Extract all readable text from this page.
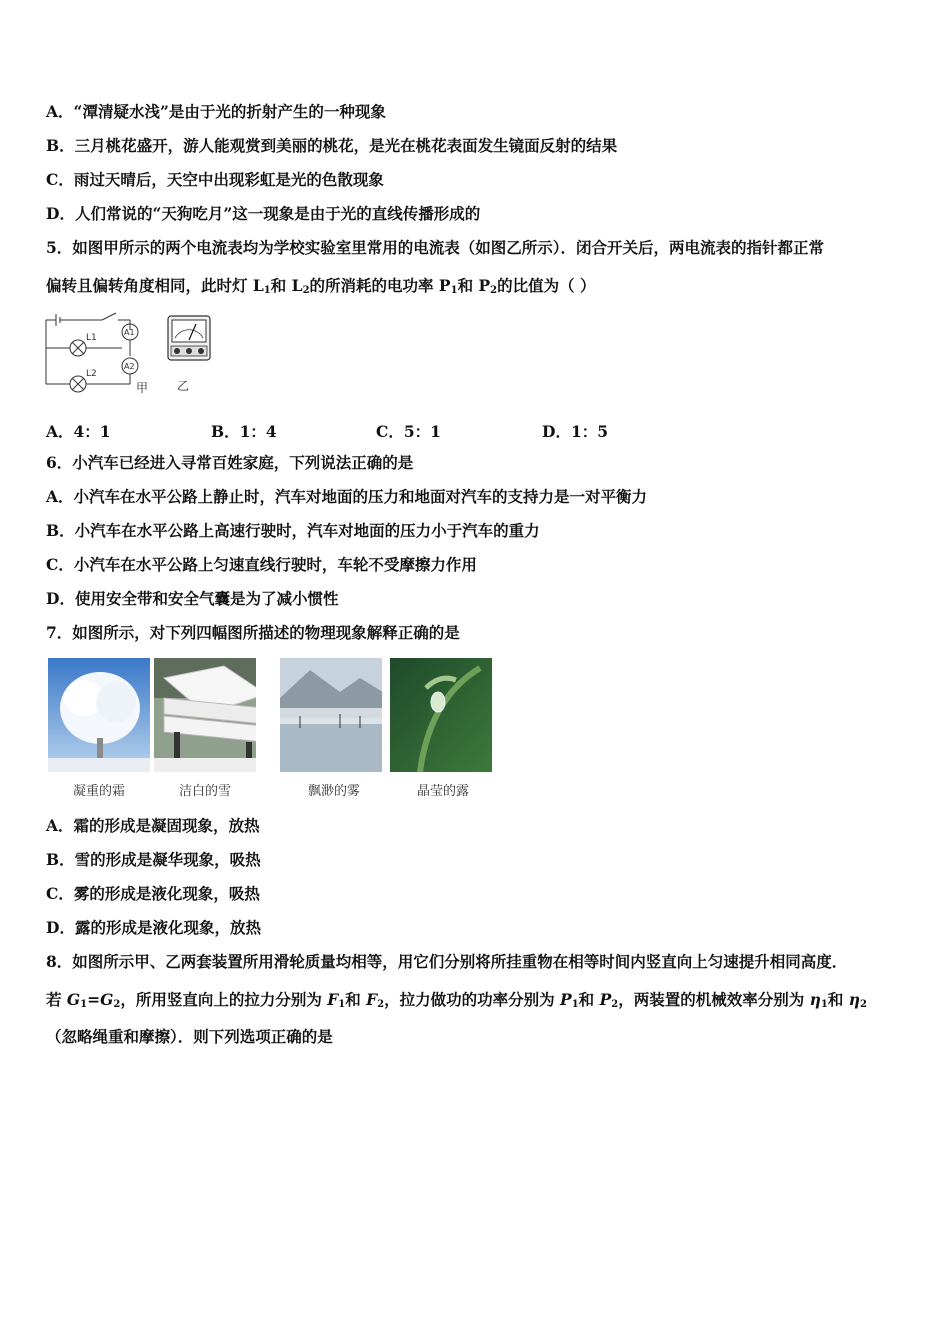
A．“潭清疑水浅”是由于光的折射产生的一种现象
B．三月桃花盛开，游人能观赏到美丽的桃花，是光在桃花表面发生镜面反射的结果
C．雨过天晴后，天空中出现彩虹是光的色散现象
D．人们常说的“天狗吃月”这一现象是由于光的直线传播形成的
5．如图甲所示的两个电流表均为学校实验室里常用的电流表（如图乙所示）．闭合开关后，两电流表的指针都正常
偏转且偏转角度相同，此时灯 $L_1$和 $L_2$的所消耗的电功率 $P_1$和 $P_2$的比值为（ ）
L1
L2
A1
A2
甲 乙
A．4：1	B．1：4	C．5：1	D．1：5
6．小汽车已经进入寻常百姓家庭，下列说法正确的是
A．小汽车在水平公路上静止时，汽车对地面的压力和地面对汽车的支持力是一对平衡力
B．小汽车在水平公路上高速行驶时，汽车对地面的压力小于汽车的重力
C．小汽车在水平公路上匀速直线行驶时，车轮不受摩擦力作用
D．使用安全带和安全气囊是为了减小惯性
7．如图所示，对下列四幅图所描述的物理现象解释正确的是
凝重的霜	洁白的雪	飘渺的雾	晶莹的露
A．霜的形成是凝固现象，放热
B．雪的形成是凝华现象，吸热
C．雾的形成是液化现象，吸热
D．露的形成是液化现象，放热
8．如图所示甲、乙两套装置所用滑轮质量均相等，用它们分别将所挂重物在相等时间内竖直向上匀速提升相同高度．
若 $G_1=G_2$，所用竖直向上的拉力分别为 $F_1$和 $F_2$，拉力做功的功率分别为 $P_1$和 $P_2$，两装置的机械效率分别为 $\eta_1$和 $\eta_2$
（忽略绳重和摩擦）．则下列选项正确的是
